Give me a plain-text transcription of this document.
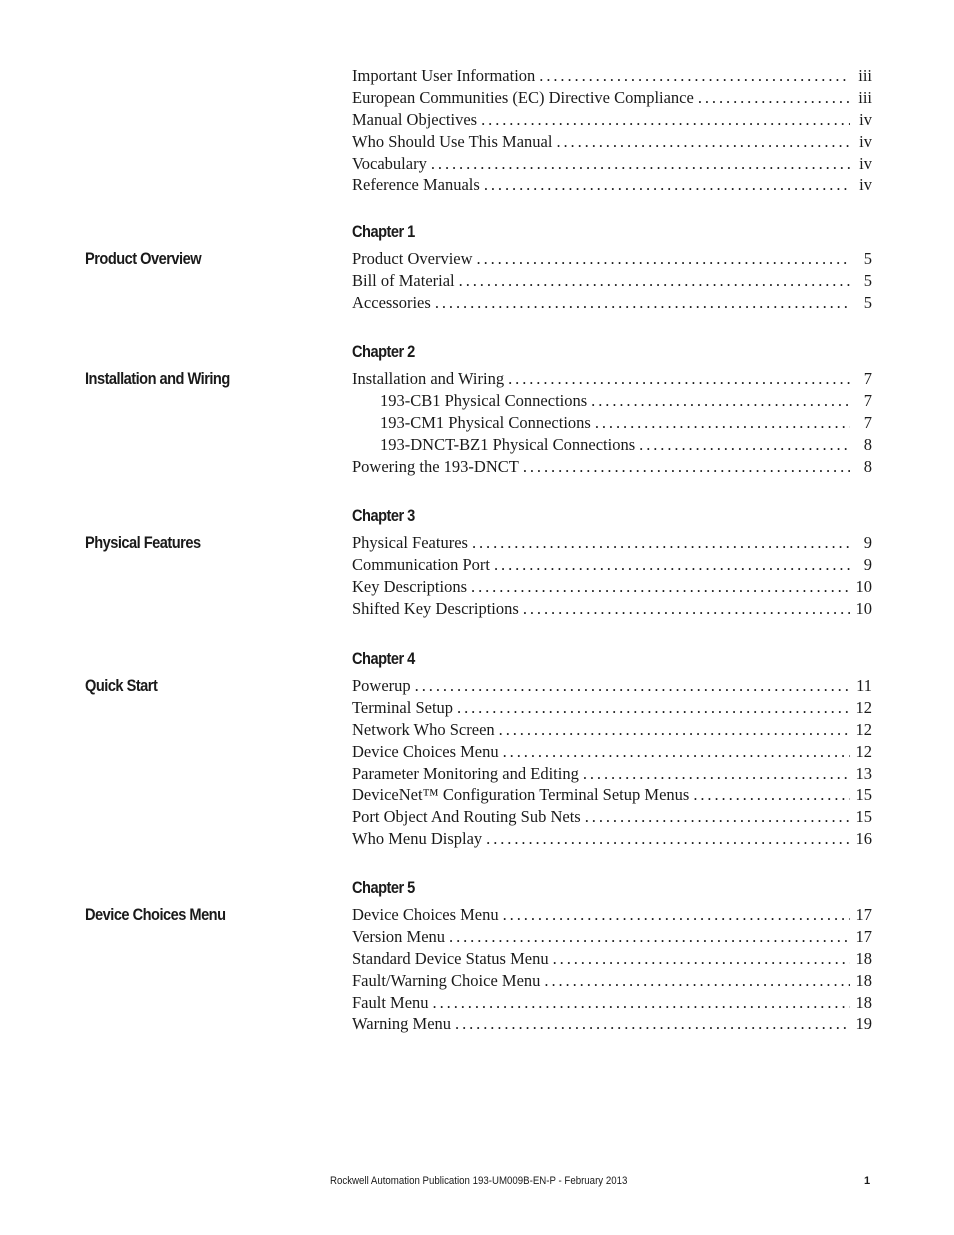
Important User Information . . .	iii
European Communities (EC) Directive Compliance . . .	iii
Manual Objectives . . .	iv
Who Should Use This Manual . . .	iv
Vocabulary . . .	iv
Reference Manuals . . .	iv
Chapter 1
Product Overview	Product Overview . . .	5
Bill of Material . . .	5
Accessories . . .	5
Chapter 2
Installation and Wiring	Installation and Wiring . . .	7
193-CB1 Physical Connections . . .	7
193-CM1 Physical Connections . . .	7
193-DNCT-BZ1 Physical Connections . . .	8
Powering the 193-DNCT . . .	8
Chapter 3
Physical Features	Physical Features . . .	9
Communication Port . . .	9
Key Descriptions . . .	10
Shifted Key Descriptions . . .	10
Chapter 4
Quick Start	Powerup . . .	11
Terminal Setup . . .	12
Network Who Screen . . .	12
Device Choices Menu . . .	12
Parameter Monitoring and Editing . . .	13
DeviceNet™ Configuration Terminal Setup Menus . . .	15
Port Object And Routing Sub Nets . . .	15
Who Menu Display . . .	16
Chapter 5
Device Choices Menu	Device Choices Menu . . .	17
Version Menu . . .	17
Standard Device Status Menu . . .	18
Fault/Warning Choice Menu . . .	18
Fault Menu . . .	18
Warning Menu . . .	19
Rockwell Automation Publication 193-UM009B-EN-P - February 2013	1
